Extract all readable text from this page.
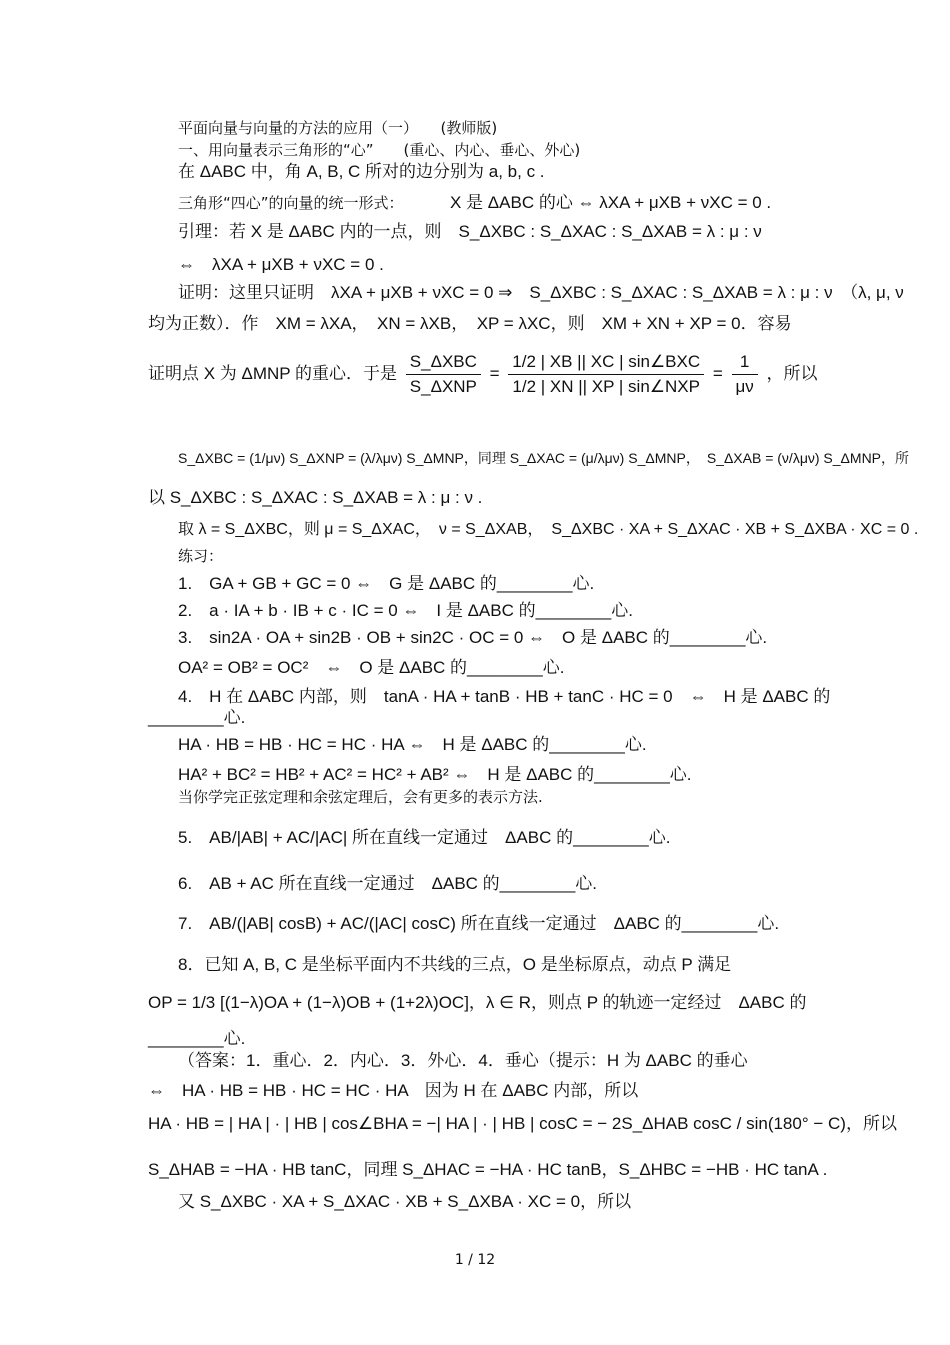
平面向量与向量的方法的应用（一）　　(教师版)
一、用向量表示三角形的“心”　　(重心、内心、垂心、外心)
在 ΔABC 中，角 A, B, C 所对的边分别为 a, b, c .
三角形“四心”的向量的统一形式：	X 是 ΔABC 的心 ⇔ λXA + μXB + νXC = 0 .
引理：若 X 是 ΔABC 内的一点，则　S_ΔXBC : S_ΔXAC : S_ΔXAB = λ : μ : ν
⇔　λXA + μXB + νXC = 0 .
证明：这里只证明　λXA + μXB + νXC = 0 ⇒　S_ΔXBC : S_ΔXAC : S_ΔXAB = λ : μ : ν　（λ, μ, ν
均为正数）．作　XM = λXA，　XN = λXB，　XP = λXC，则　XM + XN + XP = 0．容易
证明点 X 为 ΔMNP 的重心．于是 $\frac{\text{S\_ΔXBC}}{\text{S\_ΔXNP}} = \frac{\text{1/2 | XB || XC | sin∠BXC}}{\text{1/2 | XN || XP | sin∠NXP}} = \frac{1}{\mu\nu}$ ，所以
S_ΔXBC = (1/μν) S_ΔXNP = (λ/λμν) S_ΔMNP，同理 S_ΔXAC = (μ/λμν) S_ΔMNP，　S_ΔXAB = (ν/λμν) S_ΔMNP，所
以 S_ΔXBC : S_ΔXAC : S_ΔXAB = λ : μ : ν .
取 λ = S_ΔXBC，则 μ = S_ΔXAC，　ν = S_ΔXAB，　S_ΔXBC · XA + S_ΔXAC · XB + S_ΔXBA · XC = 0 .
练习：
1.　GA + GB + GC = 0 ⇔　G 是 ΔABC 的________心.
2.　a · IA + b · IB + c · IC = 0 ⇔　I 是 ΔABC 的________心.
3.　sin2A · OA + sin2B · OB + sin2C · OC = 0 ⇔　O 是 ΔABC 的________心.
OA² = OB² = OC²　⇔　O 是 ΔABC 的________心.
4.　H 在 ΔABC 内部，则　tanA · HA + tanB · HB + tanC · HC = 0　⇔　H 是 ΔABC 的
________心.
HA · HB = HB · HC = HC · HA ⇔　H 是 ΔABC 的________心.
HA² + BC² = HB² + AC² = HC² + AB² ⇔　H 是 ΔABC 的________心.
当你学完正弦定理和余弦定理后，会有更多的表示方法.
5.　AB/|AB| + AC/|AC| 所在直线一定通过　ΔABC 的________心.
6.　AB + AC 所在直线一定通过　ΔABC 的________心.
7.　AB/(|AB| cosB) + AC/(|AC| cosC) 所在直线一定通过　ΔABC 的________心.
8．已知 A, B, C 是坐标平面内不共线的三点，O 是坐标原点，动点 P 满足
OP = 1/3 [(1−λ)OA + (1−λ)OB + (1+2λ)OC]，λ ∈ R，则点 P 的轨迹一定经过　ΔABC 的
________心.
（答案：1．重心．2．内心．3．外心．4．垂心（提示：H 为 ΔABC 的垂心
⇔　HA · HB = HB · HC = HC · HA　因为 H 在 ΔABC 内部，所以
HA · HB = | HA | · | HB | cos∠BHA = −| HA | · | HB | cosC = − 2S_ΔHAB cosC / sin(180° − C)，所以
S_ΔHAB = −HA · HB tanC，同理 S_ΔHAC = −HA · HC tanB，S_ΔHBC = −HB · HC tanA .
又 S_ΔXBC · XA + S_ΔXAC · XB + S_ΔXBA · XC = 0，所以
1 / 12
